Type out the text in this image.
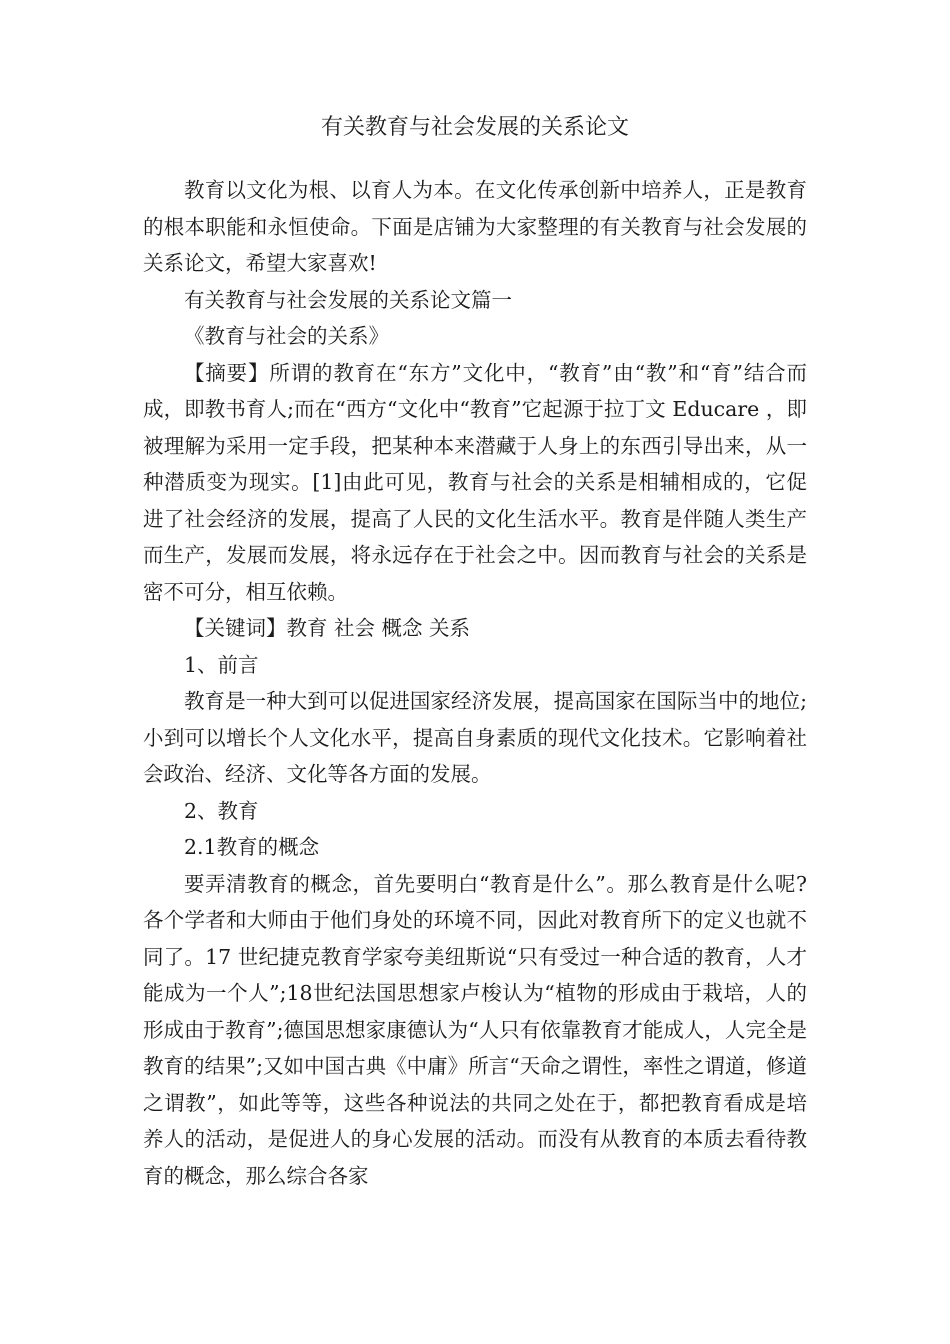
有关教育与社会发展的关系论文

教育以文化为根、以育人为本。在文化传承创新中培养人，正是教育的根本职能和永恒使命。下面是店铺为大家整理的有关教育与社会发展的关系论文，希望大家喜欢!

有关教育与社会发展的关系论文篇一

《教育与社会的关系》

【摘要】所谓的教育在“东方”文化中，“教育”由“教”和“育”结合而成，即教书育人;而在“西方“文化中“教育”它起源于拉丁文 Educare ，即被理解为采用一定手段，把某种本来潜藏于人身上的东西引导出来，从一种潜质变为现实。[1]由此可见，教育与社会的关系是相辅相成的，它促进了社会经济的发展，提高了人民的文化生活水平。教育是伴随人类生产而生产，发展而发展，将永远存在于社会之中。因而教育与社会的关系是密不可分，相互依赖。

【关键词】教育 社会 概念 关系

1、前言

教育是一种大到可以促进国家经济发展，提高国家在国际当中的地位;小到可以增长个人文化水平，提高自身素质的现代文化技术。它影响着社会政治、经济、文化等各方面的发展。

2、教育

2.1教育的概念

要弄清教育的概念，首先要明白“教育是什么”。那么教育是什么呢?各个学者和大师由于他们身处的环境不同，因此对教育所下的定义也就不同了。17 世纪捷克教育学家夸美纽斯说“只有受过一种合适的教育，人才能成为一个人”;18世纪法国思想家卢梭认为“植物的形成由于栽培，人的形成由于教育”;德国思想家康德认为“人只有依靠教育才能成人，人完全是教育的结果”;又如中国古典《中庸》所言“天命之谓性，率性之谓道，修道之谓教”，如此等等，这些各种说法的共同之处在于，都把教育看成是培养人的活动，是促进人的身心发展的活动。而没有从教育的本质去看待教育的概念，那么综合各家
